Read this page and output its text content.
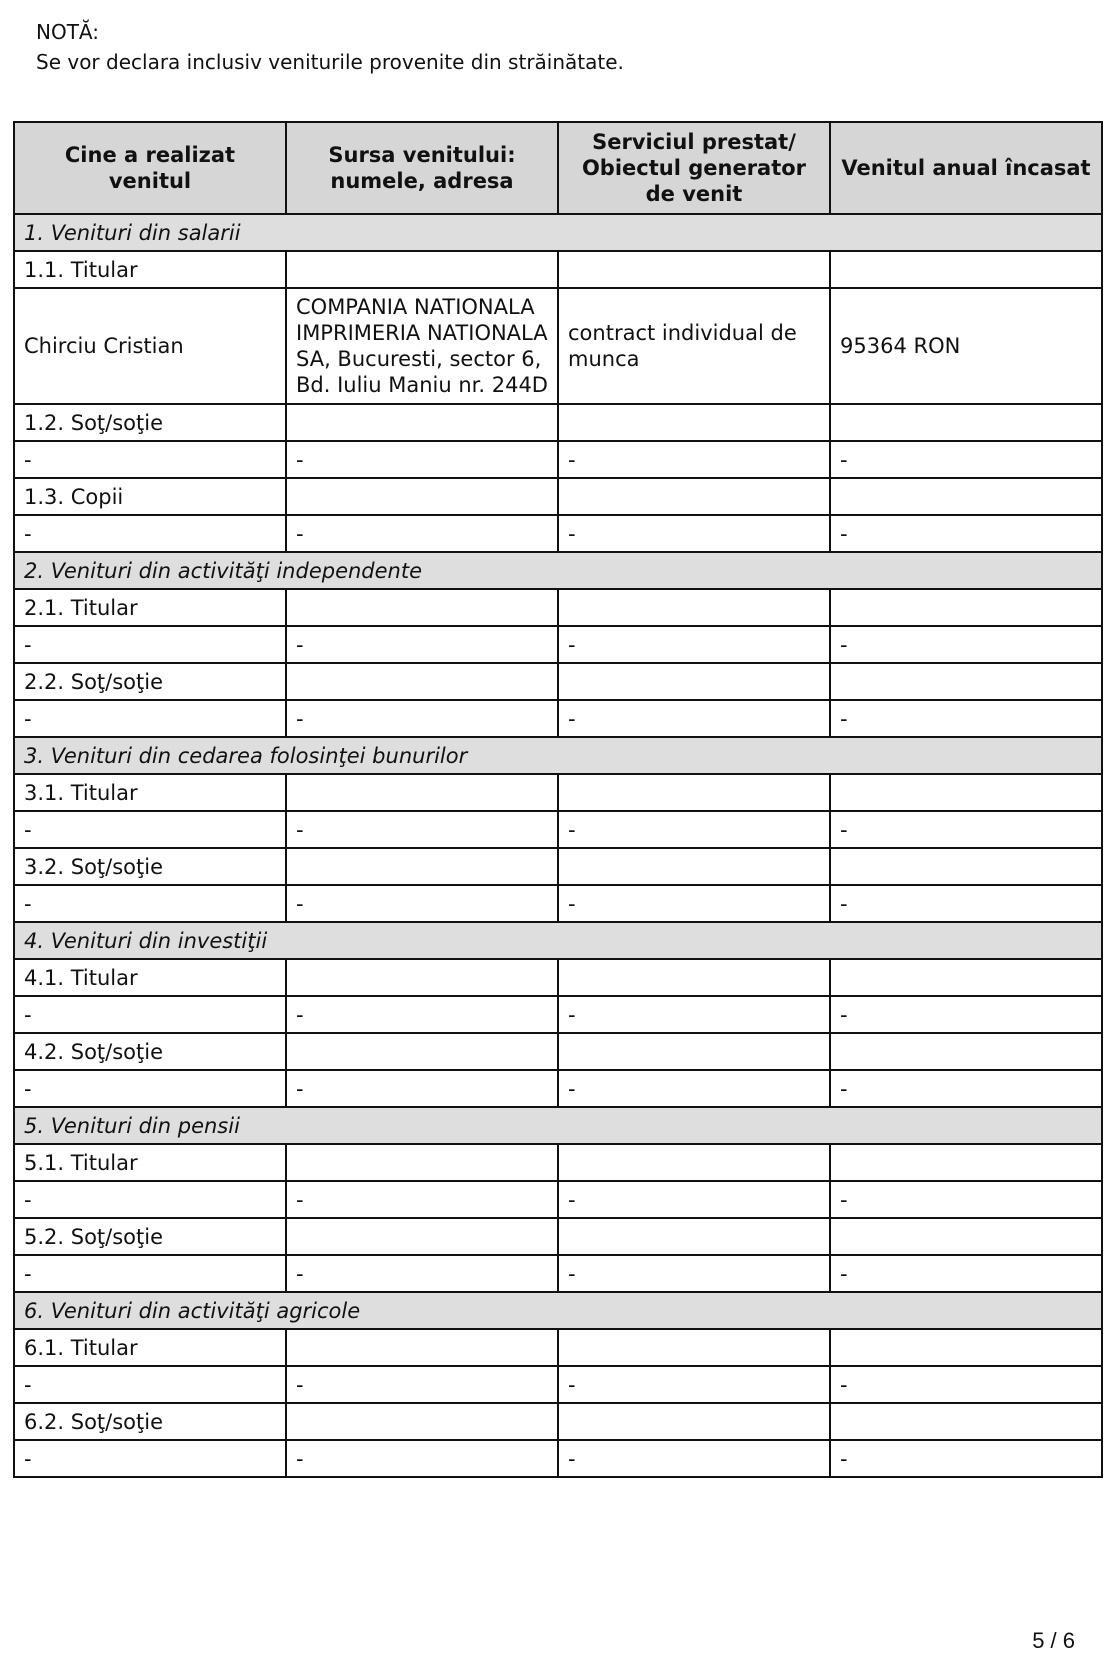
NOTĂ:
Se vor declara inclusiv veniturile provenite din străinătate.
Cine a realizat venitul	Sursa venitului: numele, adresa	Serviciul prestat/ Obiectul generator de venit	Venitul anual încasat
1. Venituri din salarii			
1.1. Titular			
Chirciu Cristian	COMPANIA NATIONALA IMPRIMERIA NATIONALA SA, Bucuresti, sector 6, Bd. Iuliu Maniu nr. 244D	contract individual de munca	95364 RON
1.2. Soţ/soţie			
-	-	-	-
1.3. Copii			
-	-	-	-
2. Venituri din activităţi independente			
2.1. Titular			
-	-	-	-
2.2. Soţ/soţie			
-	-	-	-
3. Venituri din cedarea folosinţei bunurilor			
3.1. Titular			
-	-	-	-
3.2. Soţ/soţie			
-	-	-	-
4. Venituri din investiţii			
4.1. Titular			
-	-	-	-
4.2. Soţ/soţie			
-	-	-	-
5. Venituri din pensii			
5.1. Titular			
-	-	-	-
5.2. Soţ/soţie			
-	-	-	-
6. Venituri din activităţi agricole			
6.1. Titular			
-	-	-	-
6.2. Soţ/soţie			
-	-	-	-
5 / 6
